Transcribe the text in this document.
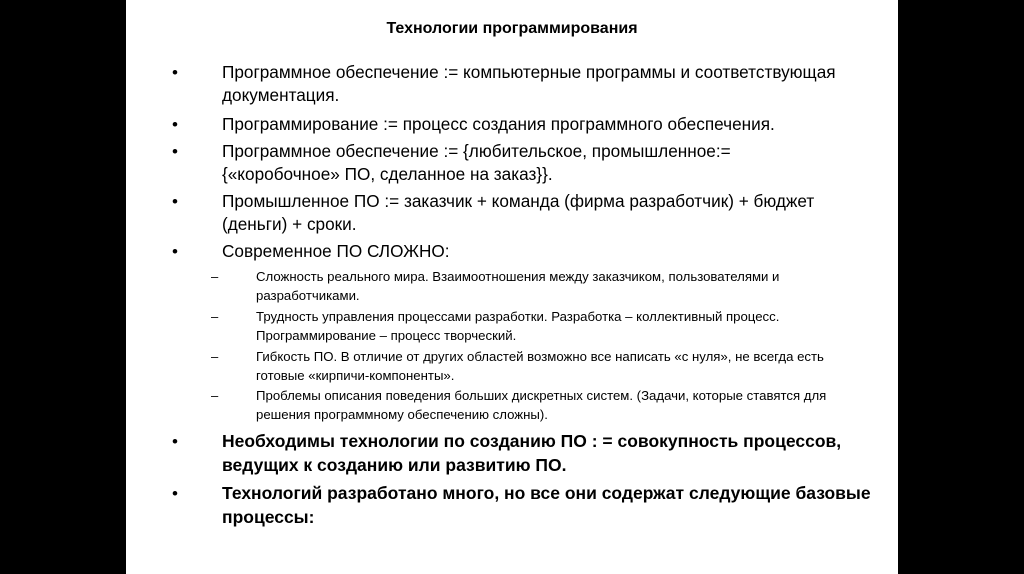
Технологии программирования
•	Программное обеспечение := компьютерные программы и соответствующая документация.
•	Программирование := процесс создания программного обеспечения.
•	Программное обеспечение := {любительское, промышленное:={«коробочное» ПО, сделанное на заказ}}.
•	Промышленное ПО := заказчик + команда (фирма разработчик) + бюджет (деньги) + сроки.
•	Современное ПО СЛОЖНО:
–	Сложность реального мира. Взаимоотношения между заказчиком, пользователями и разработчиками.
–	Трудность управления процессами разработки. Разработка – коллективный процесс. Программирование – процесс творческий.
–	Гибкость ПО. В отличие от других областей возможно все написать «с нуля», не всегда есть готовые «кирпичи-компоненты».
–	Проблемы описания поведения больших дискретных систем. (Задачи, которые ставятся для решения программному обеспечению сложны).
•	Необходимы технологии по созданию ПО : = совокупность процессов, ведущих к созданию или развитию ПО.
•	Технологий разработано много, но все они содержат следующие базовые процессы:
